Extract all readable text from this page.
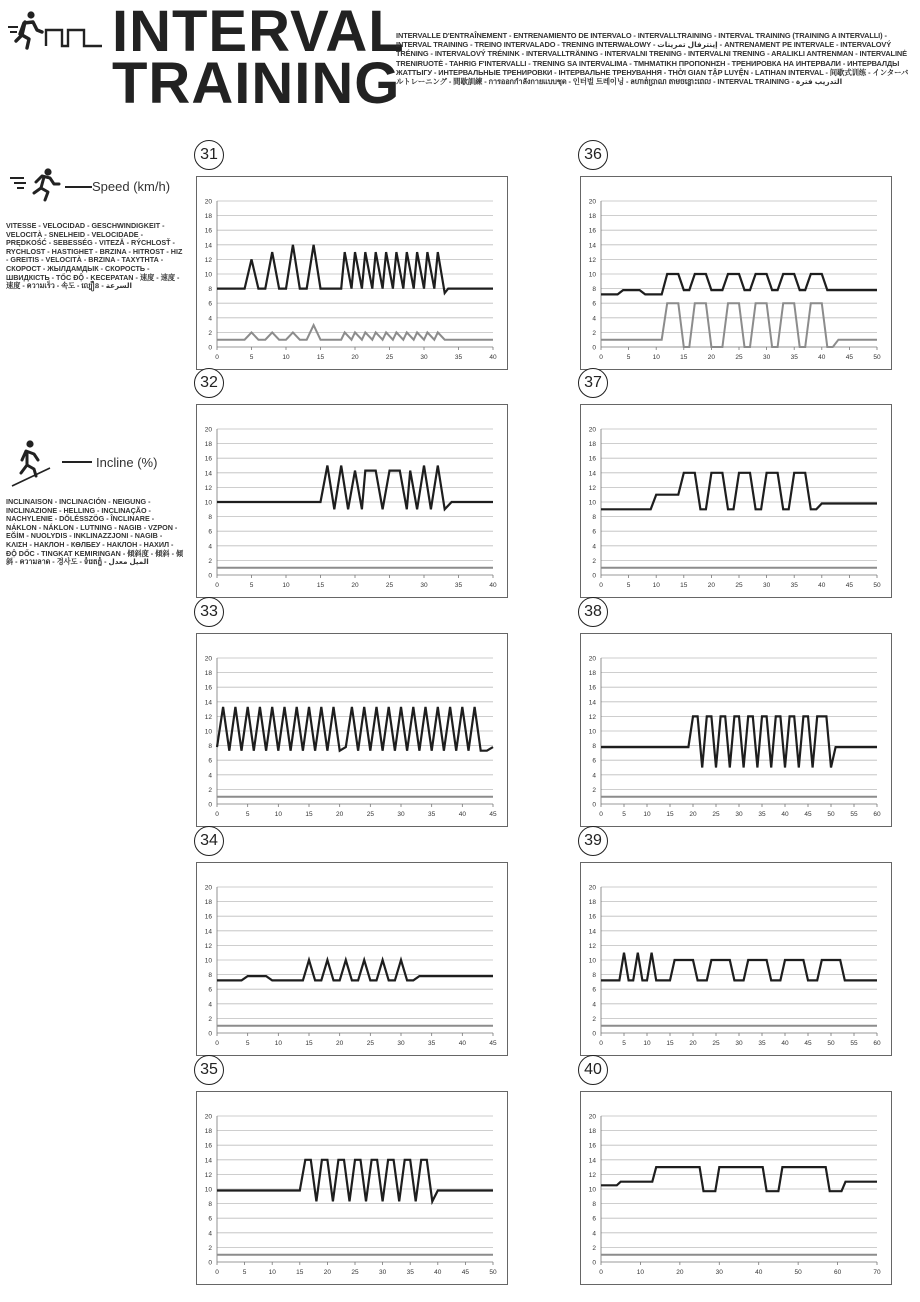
INTERVAL
TRAINING
INTERVALLE D'ENTRAÎNEMENT - ENTRENAMIENTO DE INTERVALO - INTERVALLTRAINING - INTERVAL TRAINING (TRAINING A INTERVALLI) - INTERVAL TRAINING - TREINO INTERVALADO - TRENING INTERWAŁOWY - إينترفال تمرينات - ANTRENAMENT PE INTERVALE - INTERVALOVÝ TRÉNING - INTERVALOVÝ TRÉNINK - INTERVALLTRÄNING - INTERVALNI TRENING - INTERVALNI TRENING - ARALIKLI ANTRENMAN - INTERVALINĖ TRENIRUOTĖ - TAHRIG F'INTERVALLI - TRENING SA INTERVALIMA - ΤΜΗΜΑΤΙΚΗ ΠΡΟΠΟΝΗΣΗ - ТРЕНИРОВКА НА ИНТЕРВАЛИ - ИНТЕРВАЛДЫ ЖАТТЫГУ - ИНТЕРВАЛЬНЫЕ ТРЕНИРОВКИ - ІНТЕРВАЛЬНЕ ТРЕНУВАННЯ - THỜI GIAN TẬP LUYỆN - LATIHAN INTERVAL - 间歇式训练 - インターバルトレーニング - 間歇訓練 - การออกกำลังกายแบบชุด - 인터벌 트레이닝 - ลហាត់ប្រាណ តាមចន្លោះពេល - INTERVAL TRAINING - التدريب فترة
Speed (km/h)
VITESSE - VELOCIDAD - GESCHWINDIGKEIT - VELOCITÀ - SNELHEID - VELOCIDADE - PRĘDKOŚĆ - SEBESSÉG - VITEZĂ - RÝCHLOSŤ - RYCHLOST - HASTIGHET - BRZINA - HITROST - HIZ - GREITIS - VELOCITÀ - BRZINA - ΤΑΧΥΤΗΤΑ - СКОРОСТ - ЖЫЛДАМДЫК - СКОРОСТЬ - ШВИДКІСТЬ - TỐC ĐỘ - KECEPATAN - 速度 - 速度 - 速度 - ความเร็ว - 속도 - ល្បឿន - السرعة
Incline (%)
INCLINAISON - INCLINACIÓN - NEIGUNG - INCLINAZIONE - HELLING - INCLINAÇÃO - NACHYLENIE - DŐLÉSSZÖG - ÎNCLINARE - NÁKLON - NÁKLON - LUTNING - NAGIB - VZPON - EĞİM - NUOLYDIS - INKLINAZZJONI - NAGIB - ΚΛΙΣΗ - НАКЛОН - КӨЛБЕУ - НАКЛОН - НАХИЛ - ĐỘ DỐC - TINGKAT KEMIRINGAN - 傾斜度 - 傾斜 - 傾斜 - ความลาด - 경사도 - ទំរេតភ្នំ - الميل معدل
31
0
2
4
6
8
10
12
14
16
18
20
0	5	10	15	20	25	30	35	40
32
0
2
4
6
8
10
12
14
16
18
20
0	5	10	15	20	25	30	35	40
33
0
2
4
6
8
10
12
14
16
18
20
0	5	10	15	20	25	30	35	40	45
34
0
2
4
6
8
10
12
14
16
18
20
0	5	10	15	20	25	30	35	40	45
35
0
2
4
6
8
10
12
14
16
18
20
0	5	10	15	20	25	30	35	40	45	50
36
0
2
4
6
8
10
12
14
16
18
20
0	5	10	15	20	25	30	35	40	45	50
37
0
2
4
6
8
10
12
14
16
18
20
0	5	10	15	20	25	30	35	40	45	50
38
0
2
4
6
8
10
12
14
16
18
20
0	5	10 15 20 25 30 35 40 45 50 55 60
39
0
2
4
6
8
10
12
14
16
18
20
0	5	10 15 20 25 30 35 40 45 50 55 60
40
0
2
4
6
8
10
12
14
16
18
20
0	10	20	30	40	50	60	70
